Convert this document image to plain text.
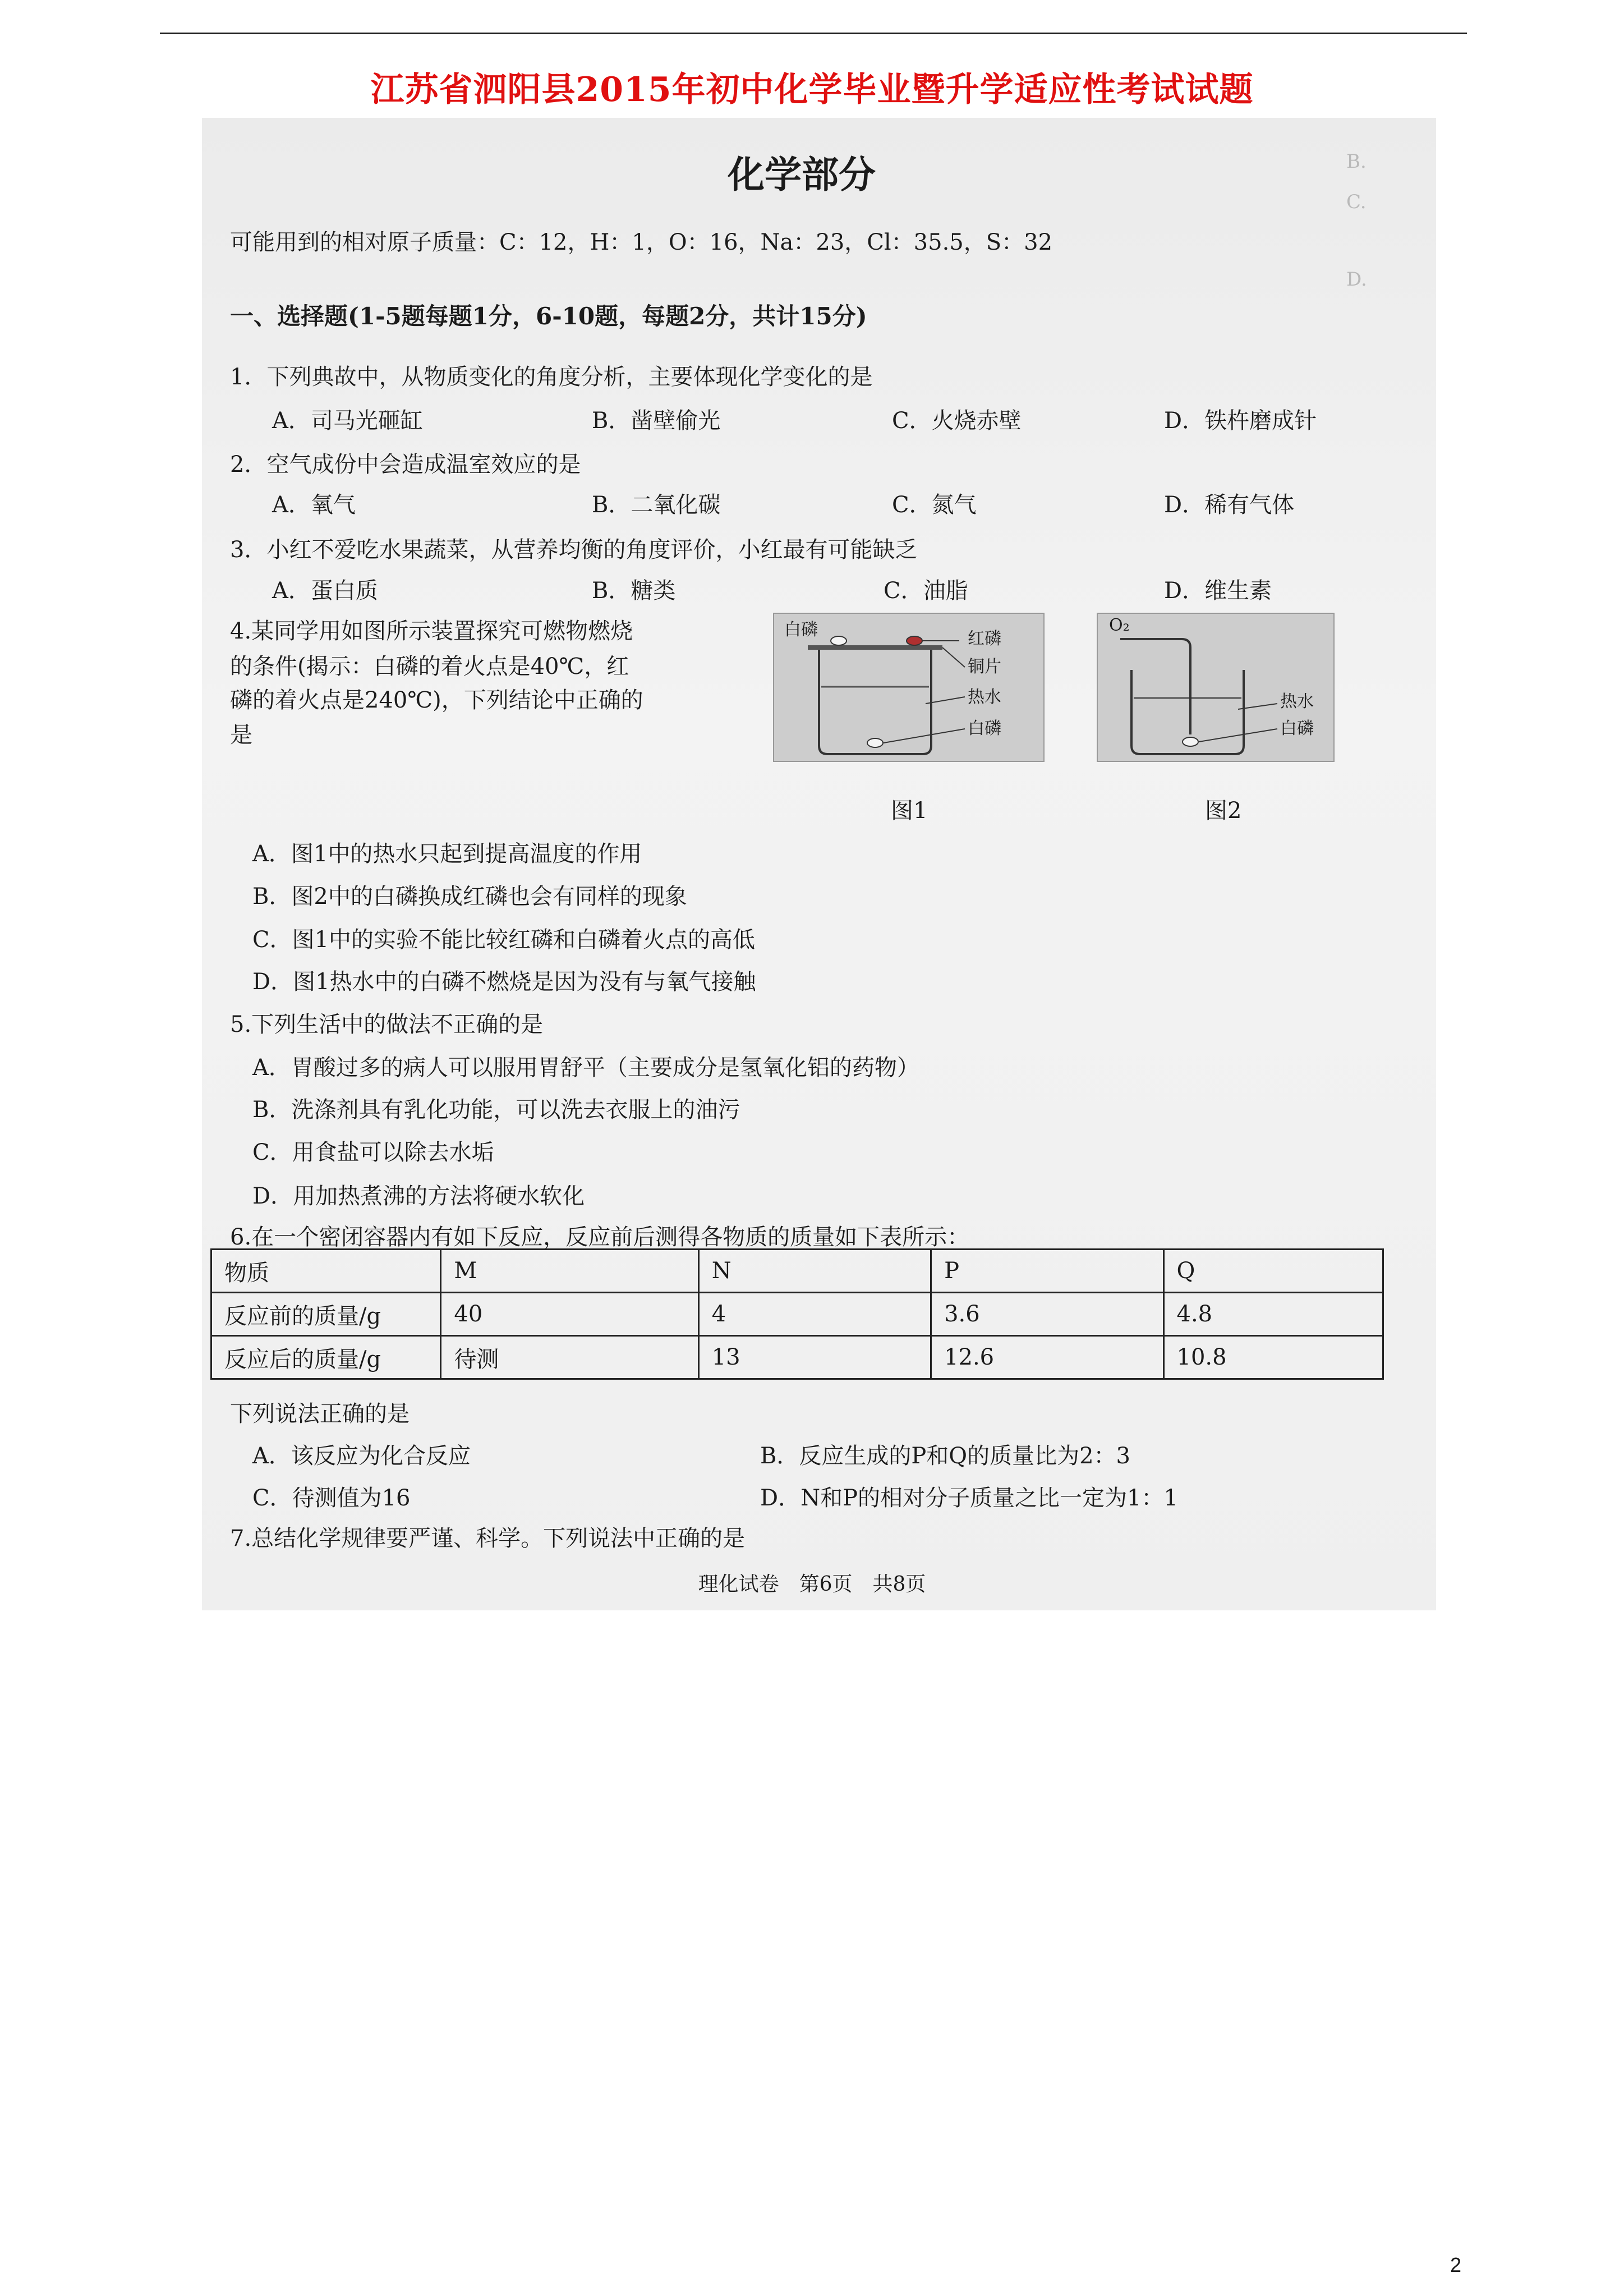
江苏省泗阳县2015年初中化学毕业暨升学适应性考试试题
B.
C.
D.
化学部分
可能用到的相对原子质量：C：12，H：1，O：16，Na：23，Cl：35.5，S：32
一、选择题(1-5题每题1分，6-10题，每题2分，共计15分)
1．下列典故中，从物质变化的角度分析，主要体现化学变化的是
A．司马光砸缸	B．凿壁偷光	C．火烧赤壁	D．铁杵磨成针
2．空气成份中会造成温室效应的是
A．氧气	B．二氧化碳	C．氮气	D．稀有气体
3．小红不爱吃水果蔬菜，从营养均衡的角度评价，小红最有可能缺乏
A．蛋白质	B．糖类	C．油脂	D．维生素
4.某同学用如图所示装置探究可燃物燃烧
的条件(揭示：白磷的着火点是40℃，红
磷的着火点是240℃)，下列结论中正确的
是
白磷	红磷
铜片
热水
白磷
图1
O₂
热水
白磷
图2
A．图1中的热水只起到提高温度的作用
B．图2中的白磷换成红磷也会有同样的现象
C．图1中的实验不能比较红磷和白磷着火点的高低
D．图1热水中的白磷不燃烧是因为没有与氧气接触
5.下列生活中的做法不正确的是
A．胃酸过多的病人可以服用胃舒平（主要成分是氢氧化铝的药物）
B．洗涤剂具有乳化功能，可以洗去衣服上的油污
C．用食盐可以除去水垢
D．用加热煮沸的方法将硬水软化
6.在一个密闭容器内有如下反应，反应前后测得各物质的质量如下表所示：
物质	M	N	P	Q
反应前的质量/g	40	4	3.6	4.8
反应后的质量/g	待测	13	12.6	10.8
下列说法正确的是
A．该反应为化合反应	B．反应生成的P和Q的质量比为2：3
C．待测值为16	D．N和P的相对分子质量之比一定为1：1
7.总结化学规律要严谨、科学。下列说法中正确的是
理化试卷　第6页　共8页
2
